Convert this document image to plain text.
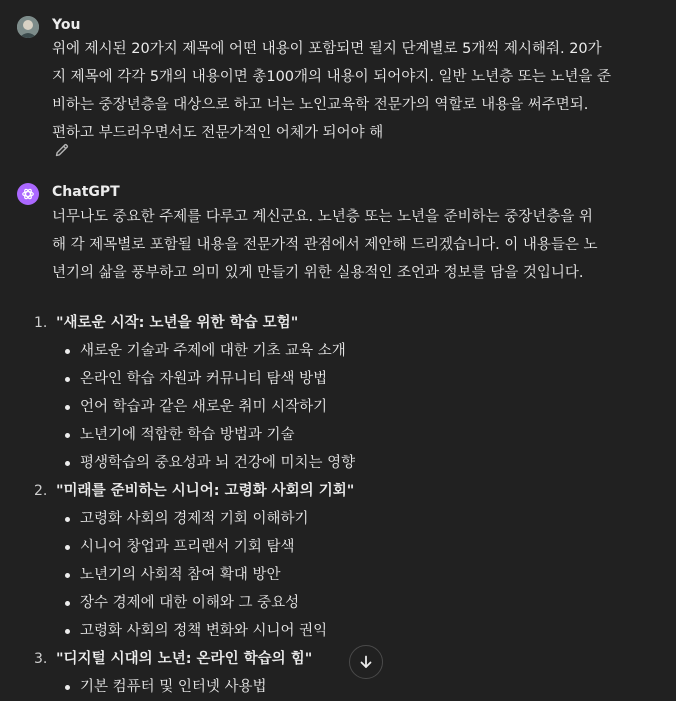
You
위에 제시된 20가지 제목에 어떤 내용이 포함되면 될지 단계별로 5개씩 제시해줘. 20가
지 제목에 각각 5개의 내용이면 총100개의 내용이 되어야지. 일반 노년층 또는 노년을 준
비하는 중장년층을 대상으로 하고 너는 노인교육학 전문가의 역할로 내용을 써주면되.
편하고 부드러우면서도 전문가적인 어체가 되어야 해
ChatGPT
너무나도 중요한 주제를 다루고 계신군요. 노년층 또는 노년을 준비하는 중장년층을 위
해 각 제목별로 포함될 내용을 전문가적 관점에서 제안해 드리겠습니다. 이 내용들은 노
년기의 삶을 풍부하고 의미 있게 만들기 위한 실용적인 조언과 정보를 담을 것입니다.
1. "새로운 시작: 노년을 위한 학습 모험"
새로운 기술과 주제에 대한 기초 교육 소개
온라인 학습 자원과 커뮤니티 탐색 방법
언어 학습과 같은 새로운 취미 시작하기
노년기에 적합한 학습 방법과 기술
평생학습의 중요성과 뇌 건강에 미치는 영향
2. "미래를 준비하는 시니어: 고령화 사회의 기회"
고령화 사회의 경제적 기회 이해하기
시니어 창업과 프리랜서 기회 탐색
노년기의 사회적 참여 확대 방안
장수 경제에 대한 이해와 그 중요성
고령화 사회의 정책 변화와 시니어 권익
3. "디지털 시대의 노년: 온라인 학습의 힘"
기본 컴퓨터 및 인터넷 사용법
